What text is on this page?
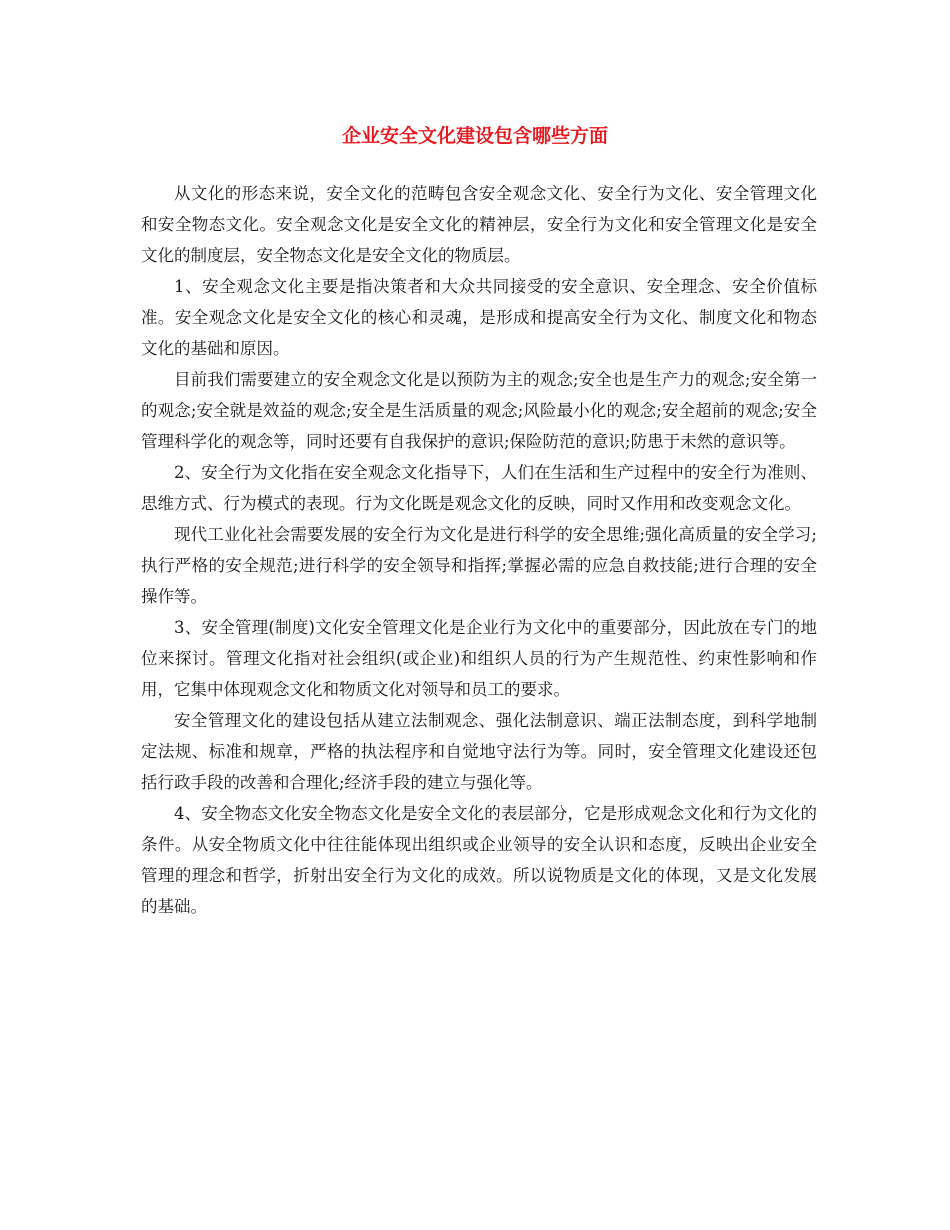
企业安全文化建设包含哪些方面

从文化的形态来说，安全文化的范畴包含安全观念文化、安全行为文化、安全管理文化和安全物态文化。安全观念文化是安全文化的精神层，安全行为文化和安全管理文化是安全文化的制度层，安全物态文化是安全文化的物质层。

1、安全观念文化主要是指决策者和大众共同接受的安全意识、安全理念、安全价值标准。安全观念文化是安全文化的核心和灵魂，是形成和提高安全行为文化、制度文化和物态文化的基础和原因。

目前我们需要建立的安全观念文化是以预防为主的观念;安全也是生产力的观念;安全第一的观念;安全就是效益的观念;安全是生活质量的观念;风险最小化的观念;安全超前的观念;安全管理科学化的观念等，同时还要有自我保护的意识;保险防范的意识;防患于未然的意识等。

2、安全行为文化指在安全观念文化指导下，人们在生活和生产过程中的安全行为准则、思维方式、行为模式的表现。行为文化既是观念文化的反映，同时又作用和改变观念文化。

现代工业化社会需要发展的安全行为文化是进行科学的安全思维;强化高质量的安全学习;执行严格的安全规范;进行科学的安全领导和指挥;掌握必需的应急自救技能;进行合理的安全操作等。

3、安全管理(制度)文化安全管理文化是企业行为文化中的重要部分，因此放在专门的地位来探讨。管理文化指对社会组织(或企业)和组织人员的行为产生规范性、约束性影响和作用，它集中体现观念文化和物质文化对领导和员工的要求。

安全管理文化的建设包括从建立法制观念、强化法制意识、端正法制态度，到科学地制定法规、标准和规章，严格的执法程序和自觉地守法行为等。同时，安全管理文化建设还包括行政手段的改善和合理化;经济手段的建立与强化等。

4、安全物态文化安全物态文化是安全文化的表层部分，它是形成观念文化和行为文化的条件。从安全物质文化中往往能体现出组织或企业领导的安全认识和态度，反映出企业安全管理的理念和哲学，折射出安全行为文化的成效。所以说物质是文化的体现，又是文化发展的基础。
